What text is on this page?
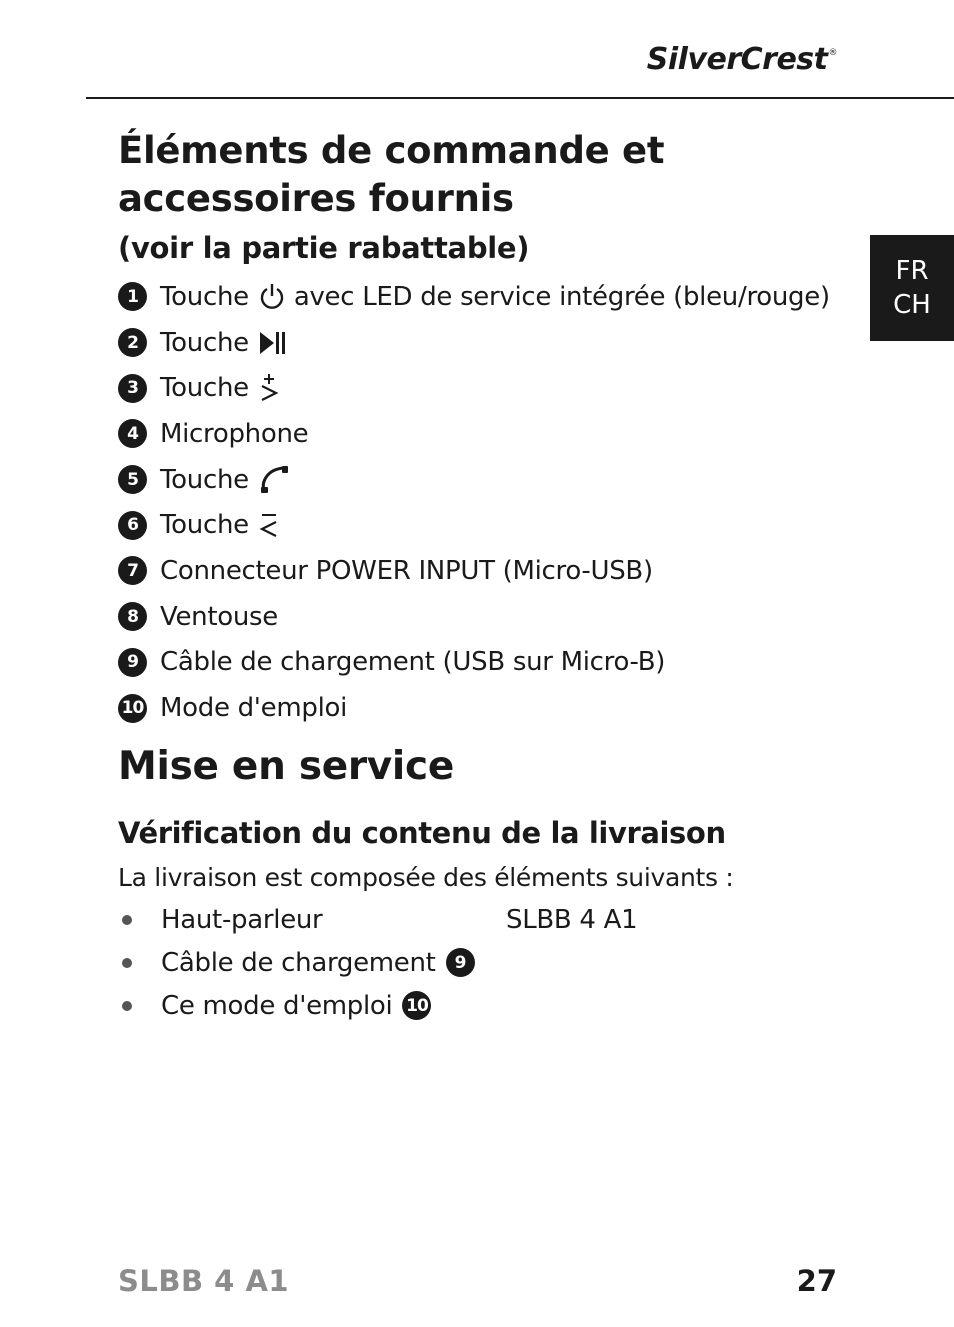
SilverCrest®
FR
CH
Éléments de commande et accessoires fournis
(voir la partie rabattable)
1 Touche avec LED de service intégrée (bleu/rouge)
2 Touche
3 Touche
4 Microphone
5 Touche
6 Touche
7 Connecteur POWER INPUT (Micro-USB)
8 Ventouse
9 Câble de chargement (USB sur Micro-B)
10 Mode d'emploi
Mise en service
Vérification du contenu de la livraison

La livraison est composée des éléments suivants :

Haut-parleur	SLBB 4 A1
Câble de chargement	9
Ce mode d'emploi 10
SLBB 4 A1	27
